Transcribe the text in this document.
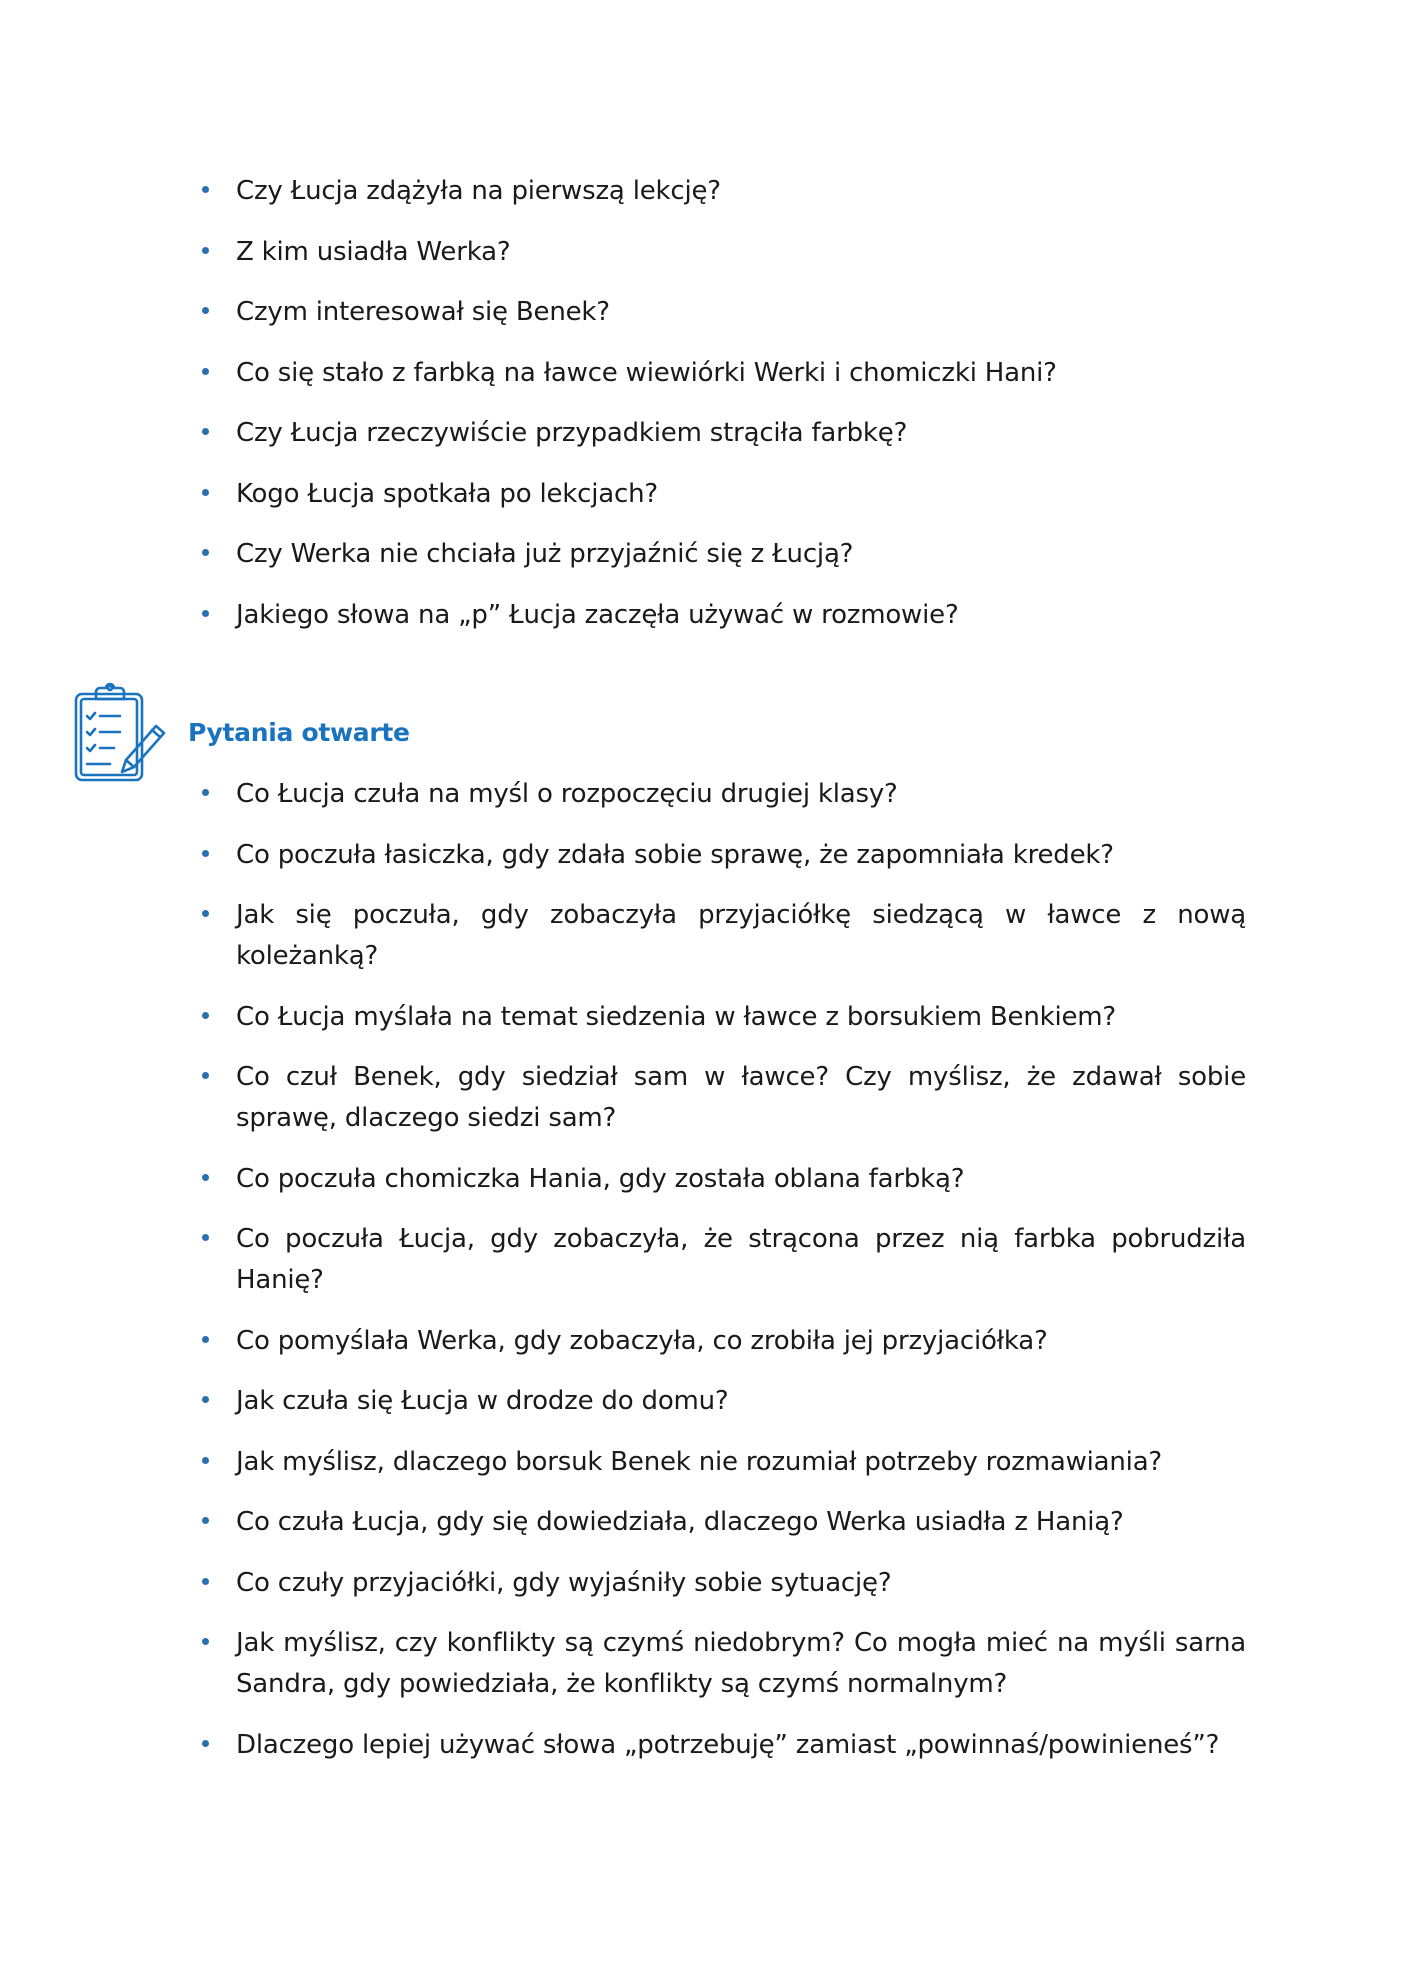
Czy Łucja zdążyła na pierwszą lekcję?
Z kim usiadła Werka?
Czym interesował się Benek?
Co się stało z farbką na ławce wiewiórki Werki i chomiczki Hani?
Czy Łucja rzeczywiście przypadkiem strąciła farbkę?
Kogo Łucja spotkała po lekcjach?
Czy Werka nie chciała już przyjaźnić się z Łucją?
Jakiego słowa na „p” Łucja zaczęła używać w rozmowie?
Pytania otwarte
Co Łucja czuła na myśl o rozpoczęciu drugiej klasy?
Co poczuła łasiczka, gdy zdała sobie sprawę, że zapomniała kredek?
Jak się poczuła, gdy zobaczyła przyjaciółkę siedzącą w ławce z nową koleżanką?
Co Łucja myślała na temat siedzenia w ławce z borsukiem Benkiem?
Co czuł Benek, gdy siedział sam w ławce? Czy myślisz, że zdawał sobie sprawę, dlaczego siedzi sam?
Co poczuła chomiczka Hania, gdy została oblana farbką?
Co poczuła Łucja, gdy zobaczyła, że strącona przez nią farbka pobrudziła Hanię?
Co pomyślała Werka, gdy zobaczyła, co zrobiła jej przyjaciółka?
Jak czuła się Łucja w drodze do domu?
Jak myślisz, dlaczego borsuk Benek nie rozumiał potrzeby rozmawiania?
Co czuła Łucja, gdy się dowiedziała, dlaczego Werka usiadła z Hanią?
Co czuły przyjaciółki, gdy wyjaśniły sobie sytuację?
Jak myślisz, czy konflikty są czymś niedobrym? Co mogła mieć na myśli sarna Sandra, gdy powiedziała, że konflikty są czymś normalnym?
Dlaczego lepiej używać słowa „potrzebuję” zamiast „powinnaś/powinieneś”?
